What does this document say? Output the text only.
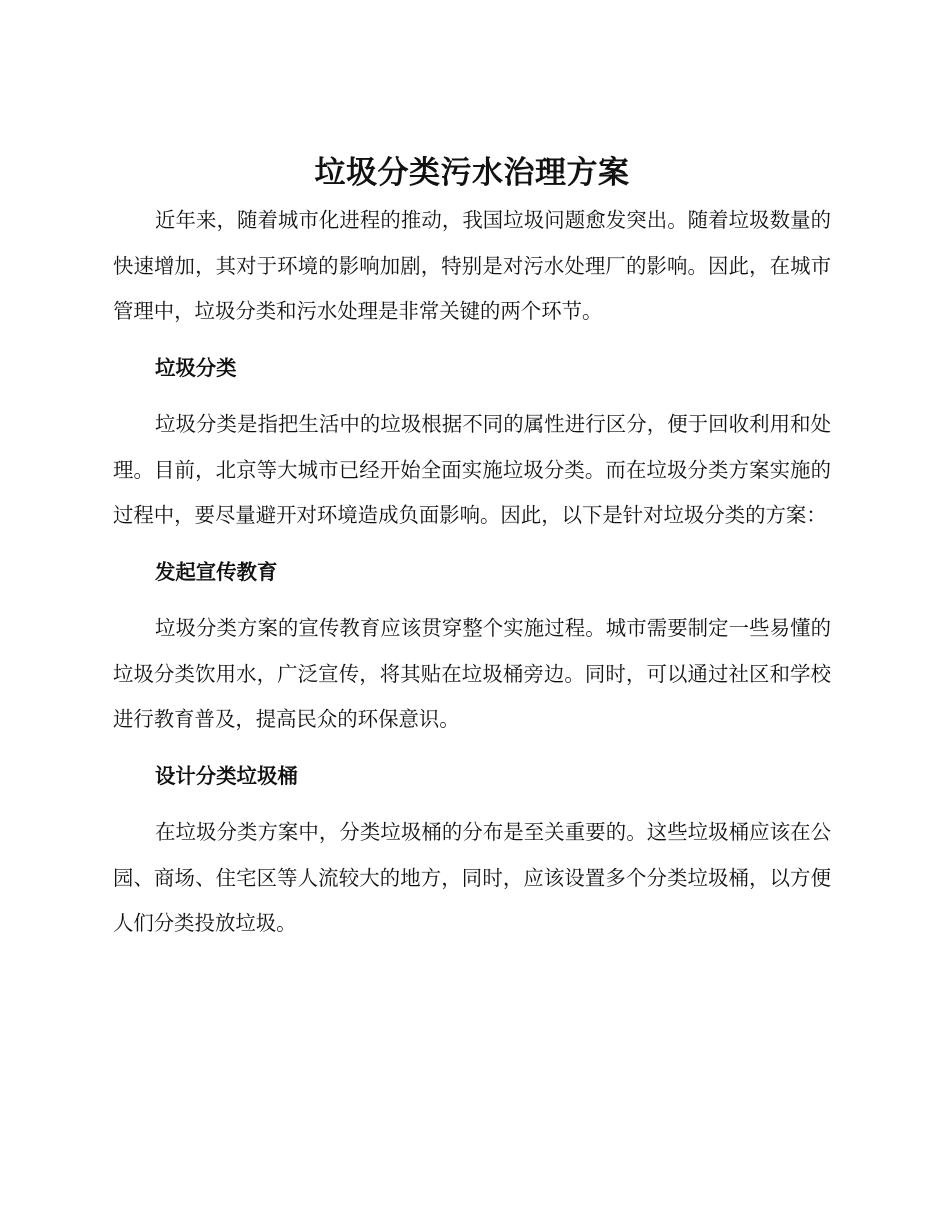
垃圾分类污水治理方案

近年来，随着城市化进程的推动，我国垃圾问题愈发突出。随着垃圾数量的快速增加，其对于环境的影响加剧，特别是对污水处理厂的影响。因此，在城市管理中，垃圾分类和污水处理是非常关键的两个环节。

垃圾分类

垃圾分类是指把生活中的垃圾根据不同的属性进行区分，便于回收利用和处理。目前，北京等大城市已经开始全面实施垃圾分类。而在垃圾分类方案实施的过程中，要尽量避开对环境造成负面影响。因此，以下是针对垃圾分类的方案：

发起宣传教育

垃圾分类方案的宣传教育应该贯穿整个实施过程。城市需要制定一些易懂的垃圾分类饮用水，广泛宣传，将其贴在垃圾桶旁边。同时，可以通过社区和学校进行教育普及，提高民众的环保意识。

设计分类垃圾桶

在垃圾分类方案中，分类垃圾桶的分布是至关重要的。这些垃圾桶应该在公园、商场、住宅区等人流较大的地方，同时，应该设置多个分类垃圾桶，以方便人们分类投放垃圾。
